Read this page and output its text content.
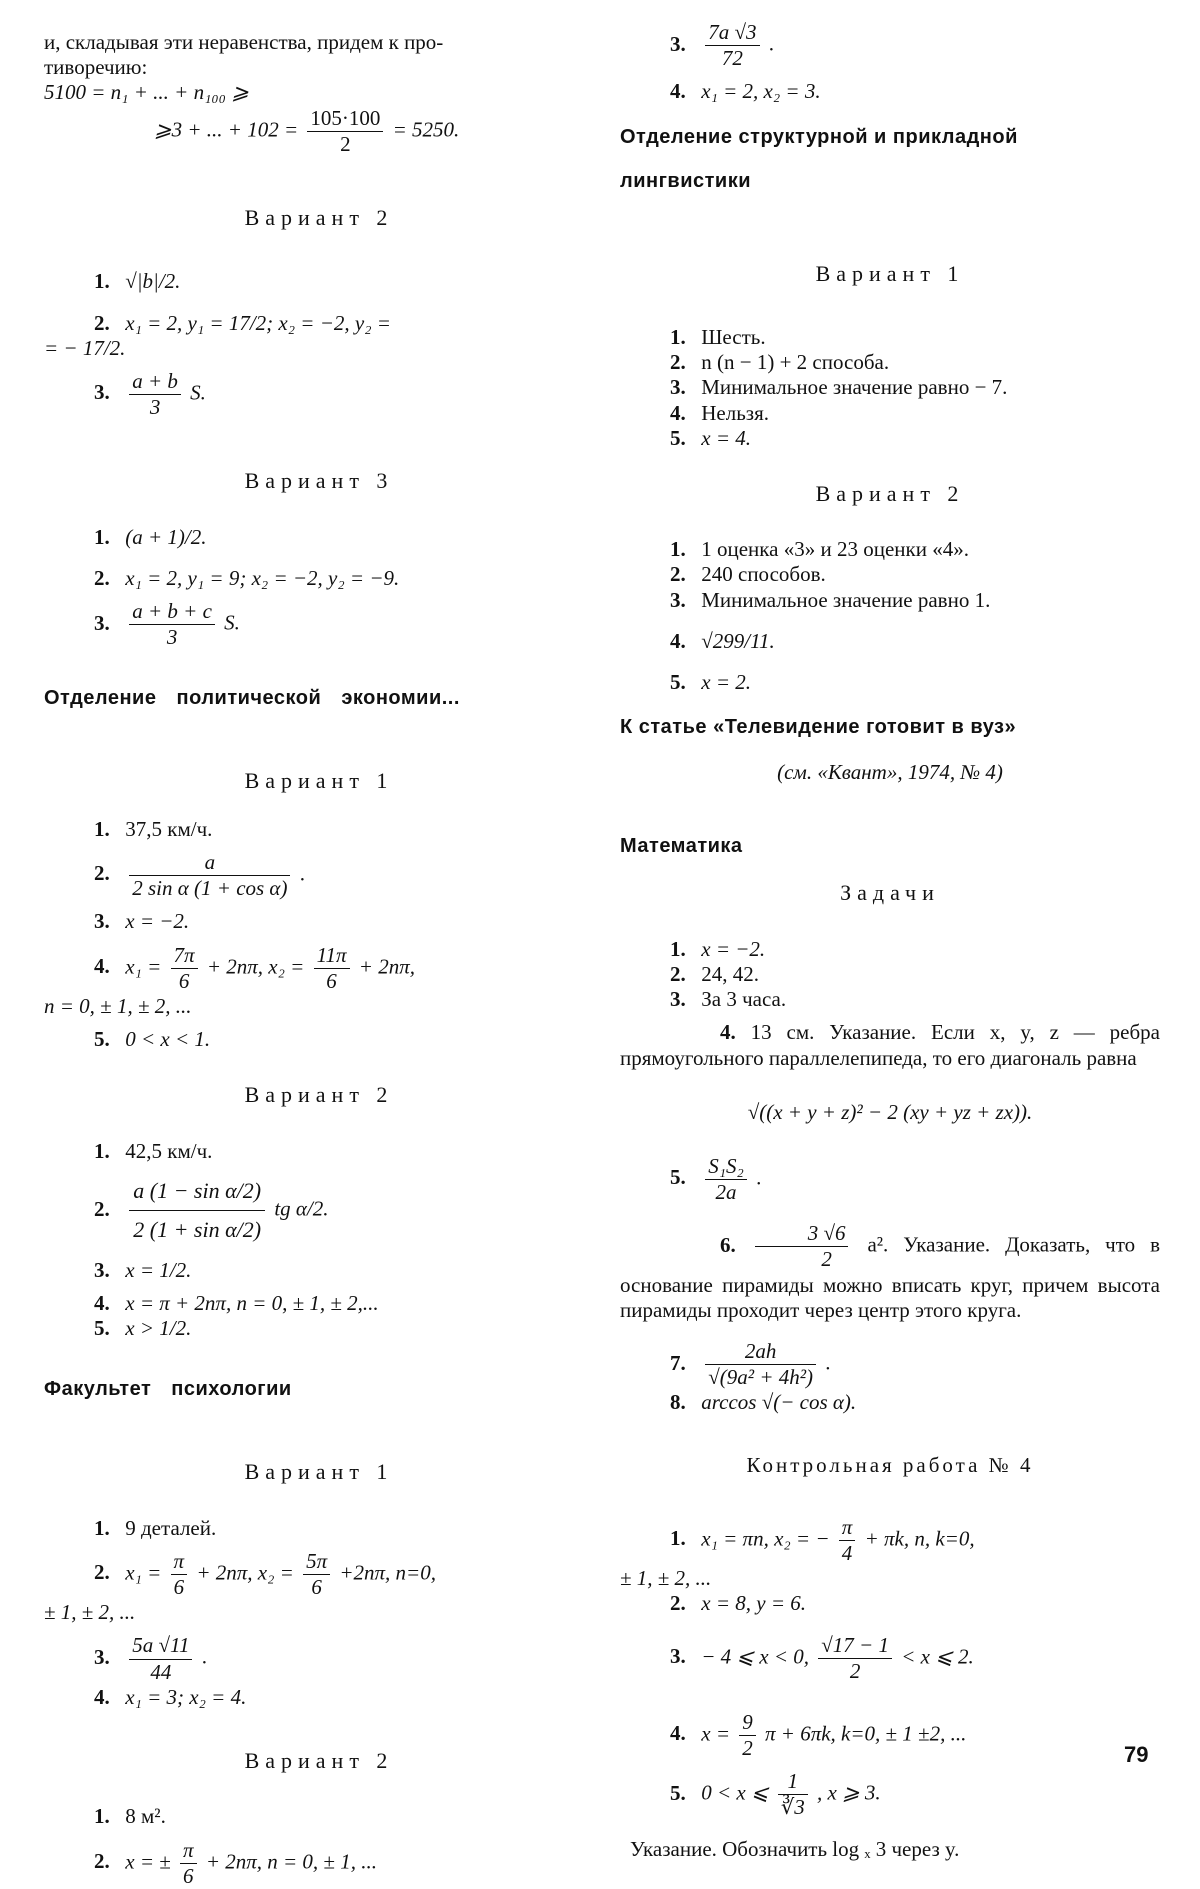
и, складывая эти неравенства, придем к про-

тиворечию:

5100 = n₁ + ... + n₁₀₀ ⩾

⩾3 + ... + $102 = \frac{105\cdot 100}{2} = 5250$.

Вариант 2

1. √|b|/2.

2. x₁ = 2, y₁ = 17/2; x₂ = −2, y₂ =

= − 17/2.

3. $\frac{a + b}{3} S$.

Вариант 3

1. (a + 1)/2.

2. x₁ = 2, y₁ = 9; x₂ = −2, y₂ = −9.

3. $\frac{a + b + c}{3} S$.

Отделение политической экономии...

Вариант 1

1. 37,5 км/ч.

2. $\frac{a}{\text{2 sin α (1 + cos α)}}$ .

3. x = −2.

4. $x_1 = \frac{7\pi}{6} + 2n\pi$, $x_2 = \frac{11\pi}{6} + 2n\pi$,

n = 0, ± 1, ± 2, ...

5. 0 < x < 1.

Вариант 2

1. 42,5 км/ч.

2. $\frac{\text{a (1 − sin α/2)}}{\text{2 (1 + sin α/2)}}$ tg α/2.

3. x = 1/2.

4. x = π + 2nπ, n = 0, ± 1, ± 2,...

5. x > 1/2.

Факультет психологии

Вариант 1

1. 9 деталей.

2. $x_1 = \frac{\pi}{6} + 2n\pi$, $x_2 = \frac{5\pi}{6} +2n\pi$, n=0,

± 1, ± 2, ...

3. $\frac{5a √11}{44}$ .

4. x₁ = 3; x₂ = 4.

Вариант 2

1. 8 м².

2. x = ± $\frac{\pi}{6} + 2n\pi$, n = 0, ± 1, ...

3. $\frac{7a √3}{72}$ .

4. x₁ = 2, x₂ = 3.

Отделение структурной и прикладной

лингвистики

Вариант 1

1. Шесть.

2. n (n − 1) + 2 способа.

3. Минимальное значение равно − 7.

4. Нельзя.

5. x = 4.

Вариант 2

1. 1 оценка «3» и 23 оценки «4».

2. 240 способов.

3. Минимальное значение равно 1.

4. √299/11.

5. x = 2.

К статье «Телевидение готовит в вуз»

(см. «Квант», 1974, № 4)

Математика

Задачи

1. x = −2.

2. 24, 42.

3. За 3 часа.

4. 13 см. Указание. Если x, y, z — ребра прямоугольного параллелепипеда, то его диагональ равна

√((x + y + z)² − 2 (xy + yz + zx)).

5. $\frac{\text{S₁S₂}}{2a}$ .

6. $\frac{3 √6}{2} a^2$. Указание. Доказать, что в основание пирамиды можно вписать круг, причем высота пирамиды проходит через центр этого круга.

7. $\frac{2ah}{\text{√(9a² + 4h²)}}$ .

8. arccos √(− cos α).

Контрольная работа № 4

1. x₁ = πn, x₂ = − $\frac{\pi}{4} + \pi k$, n, k=0,

± 1, ± 2, ...

2. x = 8, y = 6.

3. − 4 ⩽ x < 0, $\frac{√17 - 1}{2} < x$ ⩽ 2.

4. $x = \frac{9}{2}$ π + 6πk, k=0, ± 1 ±2, ...

5. 0 < x ⩽ $\frac{1}{∛3}$ , x ⩾ 3.

Указание. Обозначить log ₓ 3 через y.

79
